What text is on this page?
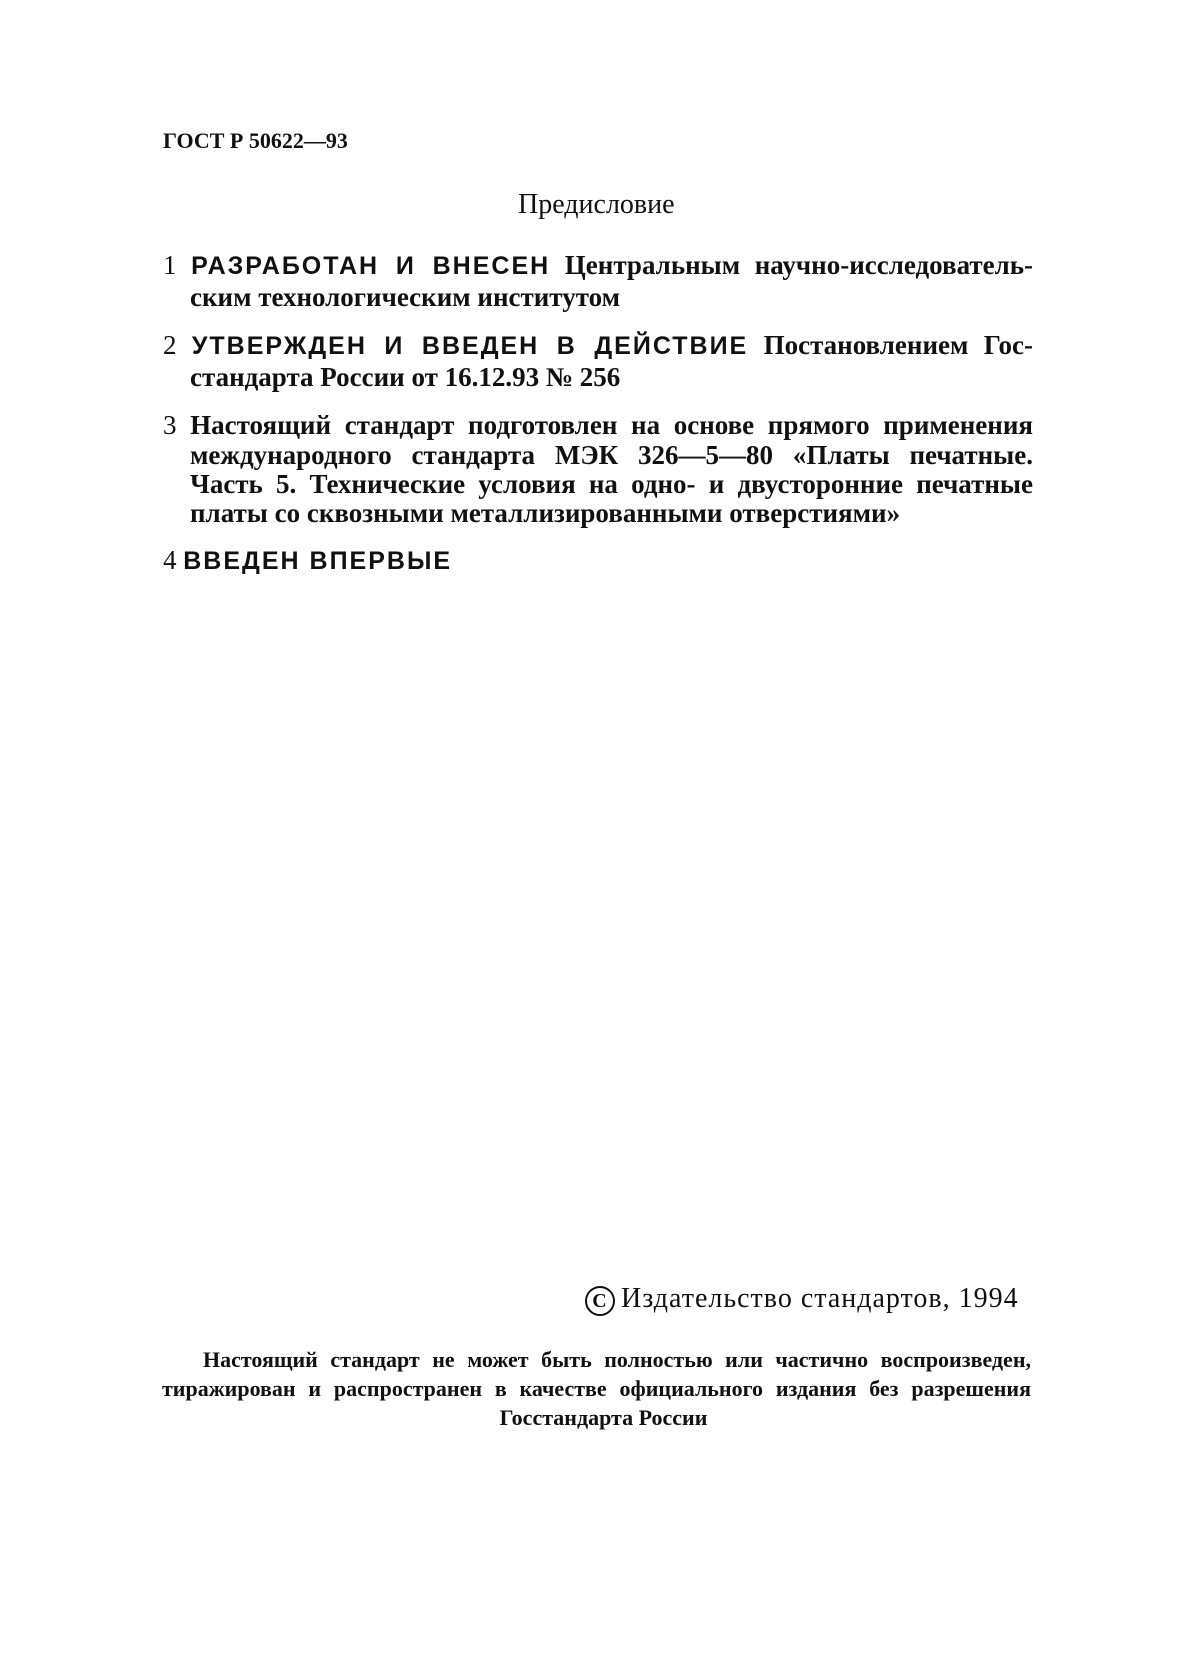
ГОСТ Р 50622—93
Предисловие
1 РАЗРАБОТАН И ВНЕСЕН Центральным научно-исследователь-
ским технологическим институтом
2 УТВЕРЖДЕН И ВВЕДЕН В ДЕЙСТВИЕ Постановлением Гос-
стандарта России от 16.12.93 № 256
3 Настоящий стандарт подготовлен на основе прямого применения
международного стандарта МЭК 326—5—80 «Платы печатные.
Часть 5. Технические условия на одно- и двусторонние печатные
платы со сквозными металлизированными отверстиями»
4 ВВЕДЕН ВПЕРВЫЕ
C Издательство стандартов, 1994
Настоящий стандарт не может быть полностью или частично воспроизведен,
тиражирован и распространен в качестве официального издания без разрешения
Госстандарта России
